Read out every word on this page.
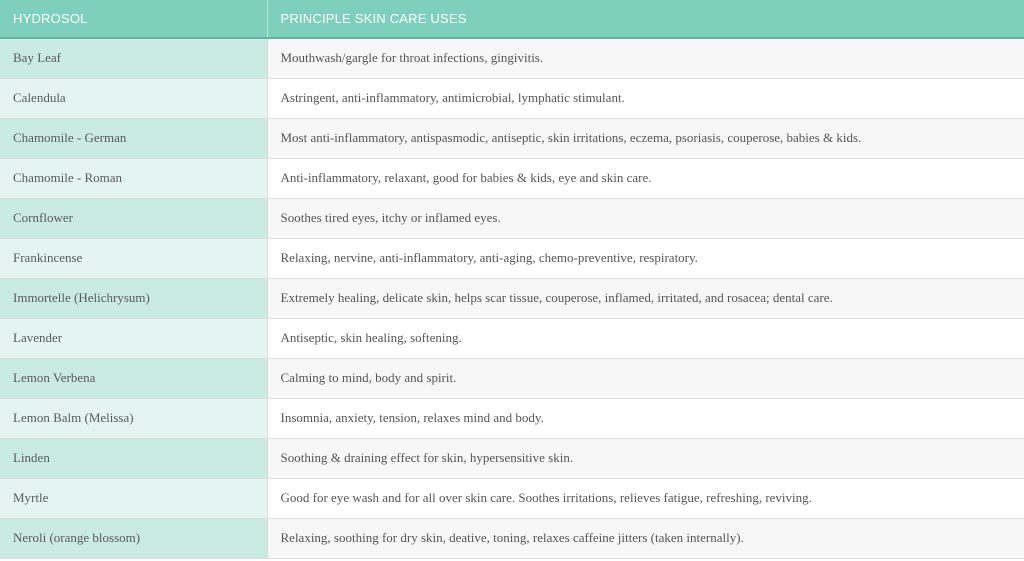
HYDROSOL	PRINCIPLE SKIN CARE USES
Bay Leaf	Mouthwash/gargle for throat infections, gingivitis.
Calendula	Astringent, anti-inflammatory, antimicrobial, lymphatic stimulant.
Chamomile - German	Most anti-inflammatory, antispasmodic, antiseptic, skin irritations, eczema, psoriasis, couperose, babies & kids.
Chamomile - Roman	Anti-inflammatory, relaxant, good for babies & kids, eye and skin care.
Cornflower	Soothes tired eyes, itchy or inflamed eyes.
Frankincense	Relaxing, nervine, anti-inflammatory, anti-aging, chemo-preventive, respiratory.
Immortelle (Helichrysum)	Extremely healing, delicate skin, helps scar tissue, couperose, inflamed, irritated, and rosacea; dental care.
Lavender	Antiseptic, skin healing, softening.
Lemon Verbena	Calming to mind, body and spirit.
Lemon Balm (Melissa)	Insomnia, anxiety, tension, relaxes mind and body.
Linden	Soothing & draining effect for skin, hypersensitive skin.
Myrtle	Good for eye wash and for all over skin care. Soothes irritations, relieves fatigue, refreshing, reviving.
Neroli (orange blossom)	Relaxing, soothing for dry skin, deative, toning, relaxes caffeine jitters (taken internally).
